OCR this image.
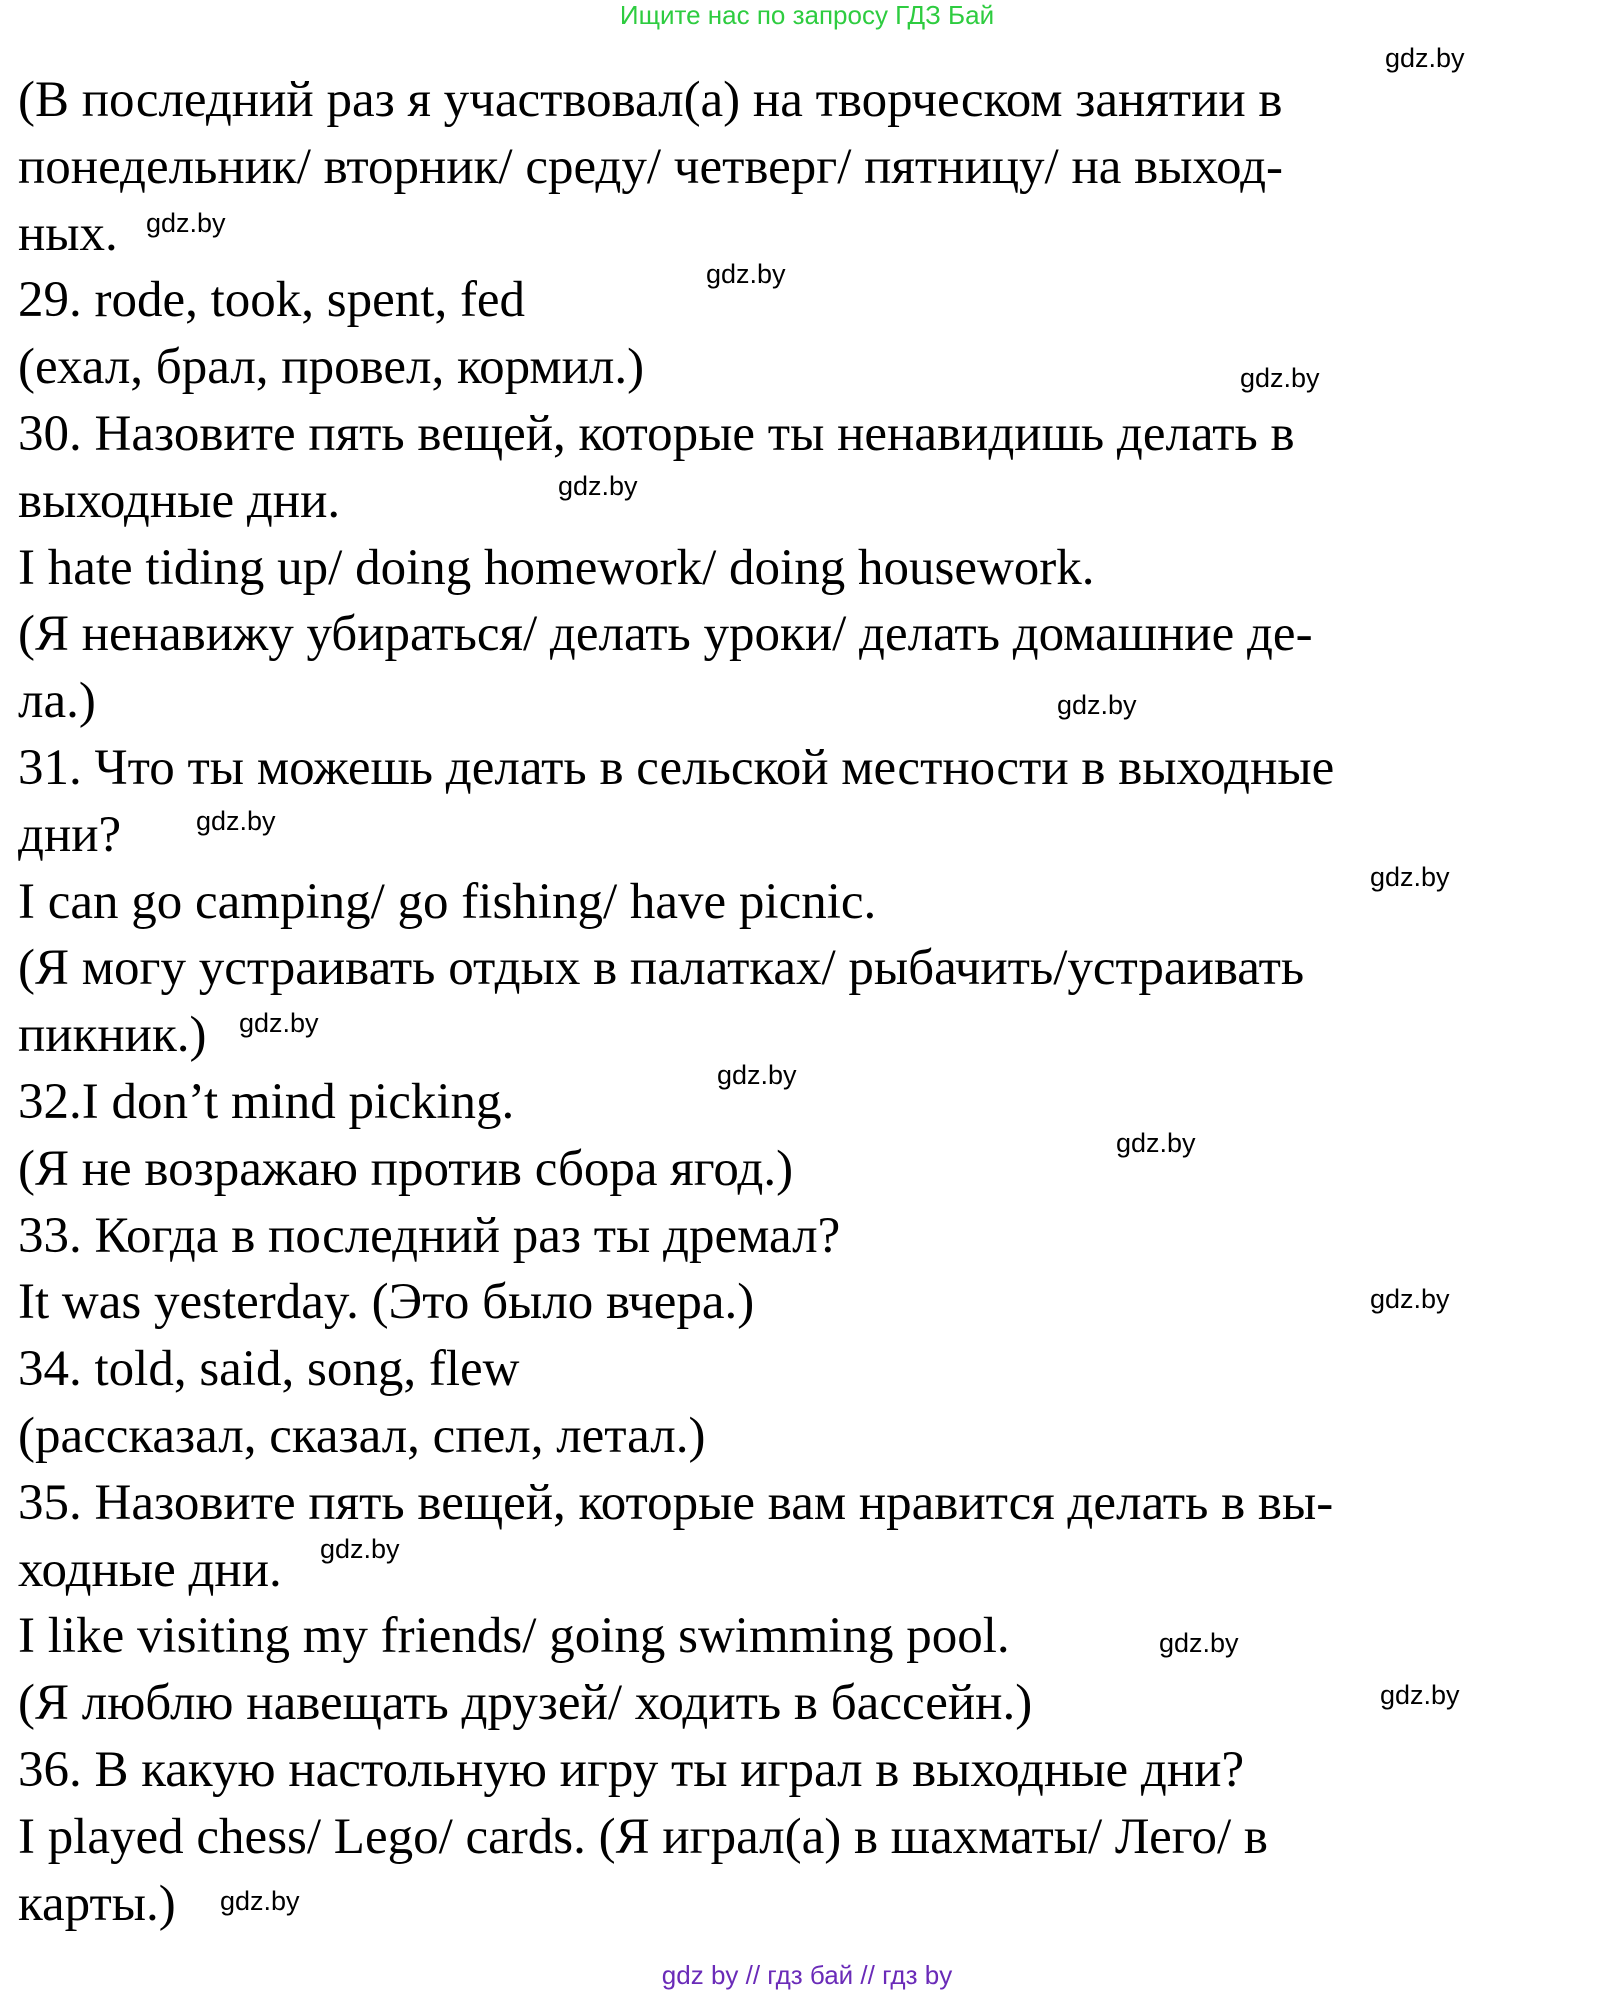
Ищите нас по запросу ГДЗ Бай
(В последний раз я участвовал(а) на творческом занятии в
понедельник/ вторник/ среду/ четверг/ пятницу/ на выход-
ных.
29. rode, took, spent, fed
(ехал, брал, провел, кормил.)
30. Назовите пять вещей, которые ты ненавидишь делать в
выходные дни.
I hate tiding up/ doing homework/ doing housework.
(Я ненавижу убираться/ делать уроки/ делать домашние де-
ла.)
31. Что ты можешь делать в сельской местности в выходные
дни?
I can go camping/ go fishing/ have picnic.
(Я могу устраивать отдых в палатках/ рыбачить/устраивать
пикник.)
32.I don’t mind picking.
(Я не возражаю против сбора ягод.)
33. Когда в последний раз ты дремал?
It was yesterday. (Это было вчера.)
34. told, said, song, flew
(рассказал, сказал, спел, летал.)
35. Назовите пять вещей, которые вам нравится делать в вы-
ходные дни.
I like visiting my friends/ going swimming pool.
(Я люблю навещать друзей/ ходить в бассейн.)
36. В какую настольную игру ты играл в выходные дни?
I played chess/ Lego/ cards. (Я играл(а) в шахматы/ Лего/ в
карты.)
gdz.by
gdz.by
gdz.by
gdz.by
gdz.by
gdz.by
gdz.by
gdz.by
gdz.by
gdz.by
gdz.by
gdz.by
gdz.by
gdz.by
gdz.by
gdz.by
gdz by // гдз бай // гдз by
